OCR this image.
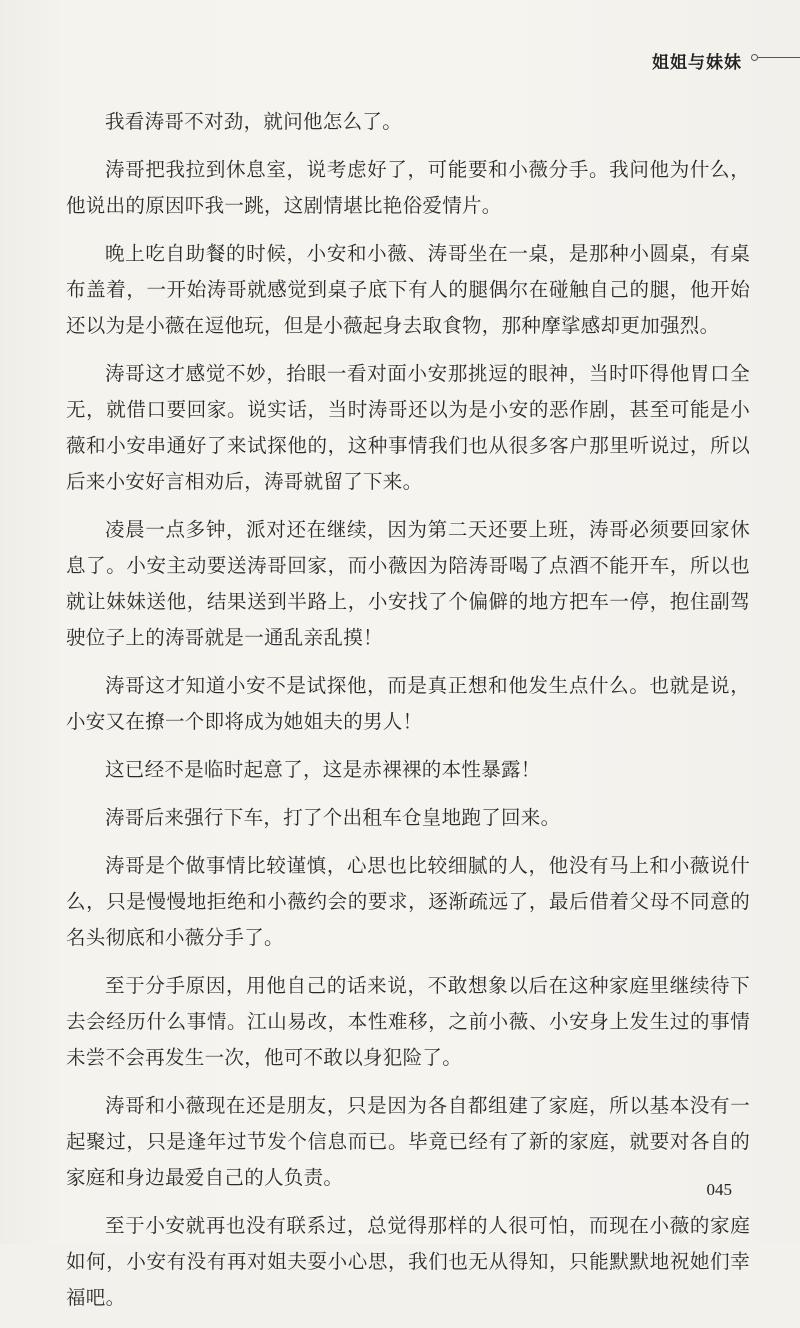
姐姐与妹妹

我看涛哥不对劲，就问他怎么了。

涛哥把我拉到休息室，说考虑好了，可能要和小薇分手。我问他为什么，他说出的原因吓我一跳，这剧情堪比艳俗爱情片。

晚上吃自助餐的时候，小安和小薇、涛哥坐在一桌，是那种小圆桌，有桌布盖着，一开始涛哥就感觉到桌子底下有人的腿偶尔在碰触自己的腿，他开始还以为是小薇在逗他玩，但是小薇起身去取食物，那种摩挲感却更加强烈。

涛哥这才感觉不妙，抬眼一看对面小安那挑逗的眼神，当时吓得他胃口全无，就借口要回家。说实话，当时涛哥还以为是小安的恶作剧，甚至可能是小薇和小安串通好了来试探他的，这种事情我们也从很多客户那里听说过，所以后来小安好言相劝后，涛哥就留了下来。

凌晨一点多钟，派对还在继续，因为第二天还要上班，涛哥必须要回家休息了。小安主动要送涛哥回家，而小薇因为陪涛哥喝了点酒不能开车，所以也就让妹妹送他，结果送到半路上，小安找了个偏僻的地方把车一停，抱住副驾驶位子上的涛哥就是一通乱亲乱摸！

涛哥这才知道小安不是试探他，而是真正想和他发生点什么。也就是说，小安又在撩一个即将成为她姐夫的男人！

这已经不是临时起意了，这是赤裸裸的本性暴露！

涛哥后来强行下车，打了个出租车仓皇地跑了回来。

涛哥是个做事情比较谨慎，心思也比较细腻的人，他没有马上和小薇说什么，只是慢慢地拒绝和小薇约会的要求，逐渐疏远了，最后借着父母不同意的名头彻底和小薇分手了。

至于分手原因，用他自己的话来说，不敢想象以后在这种家庭里继续待下去会经历什么事情。江山易改，本性难移，之前小薇、小安身上发生过的事情未尝不会再发生一次，他可不敢以身犯险了。

涛哥和小薇现在还是朋友，只是因为各自都组建了家庭，所以基本没有一起聚过，只是逢年过节发个信息而已。毕竟已经有了新的家庭，就要对各自的家庭和身边最爱自己的人负责。

至于小安就再也没有联系过，总觉得那样的人很可怕，而现在小薇的家庭如何，小安有没有再对姐夫耍小心思，我们也无从得知，只能默默地祝她们幸福吧。

045
